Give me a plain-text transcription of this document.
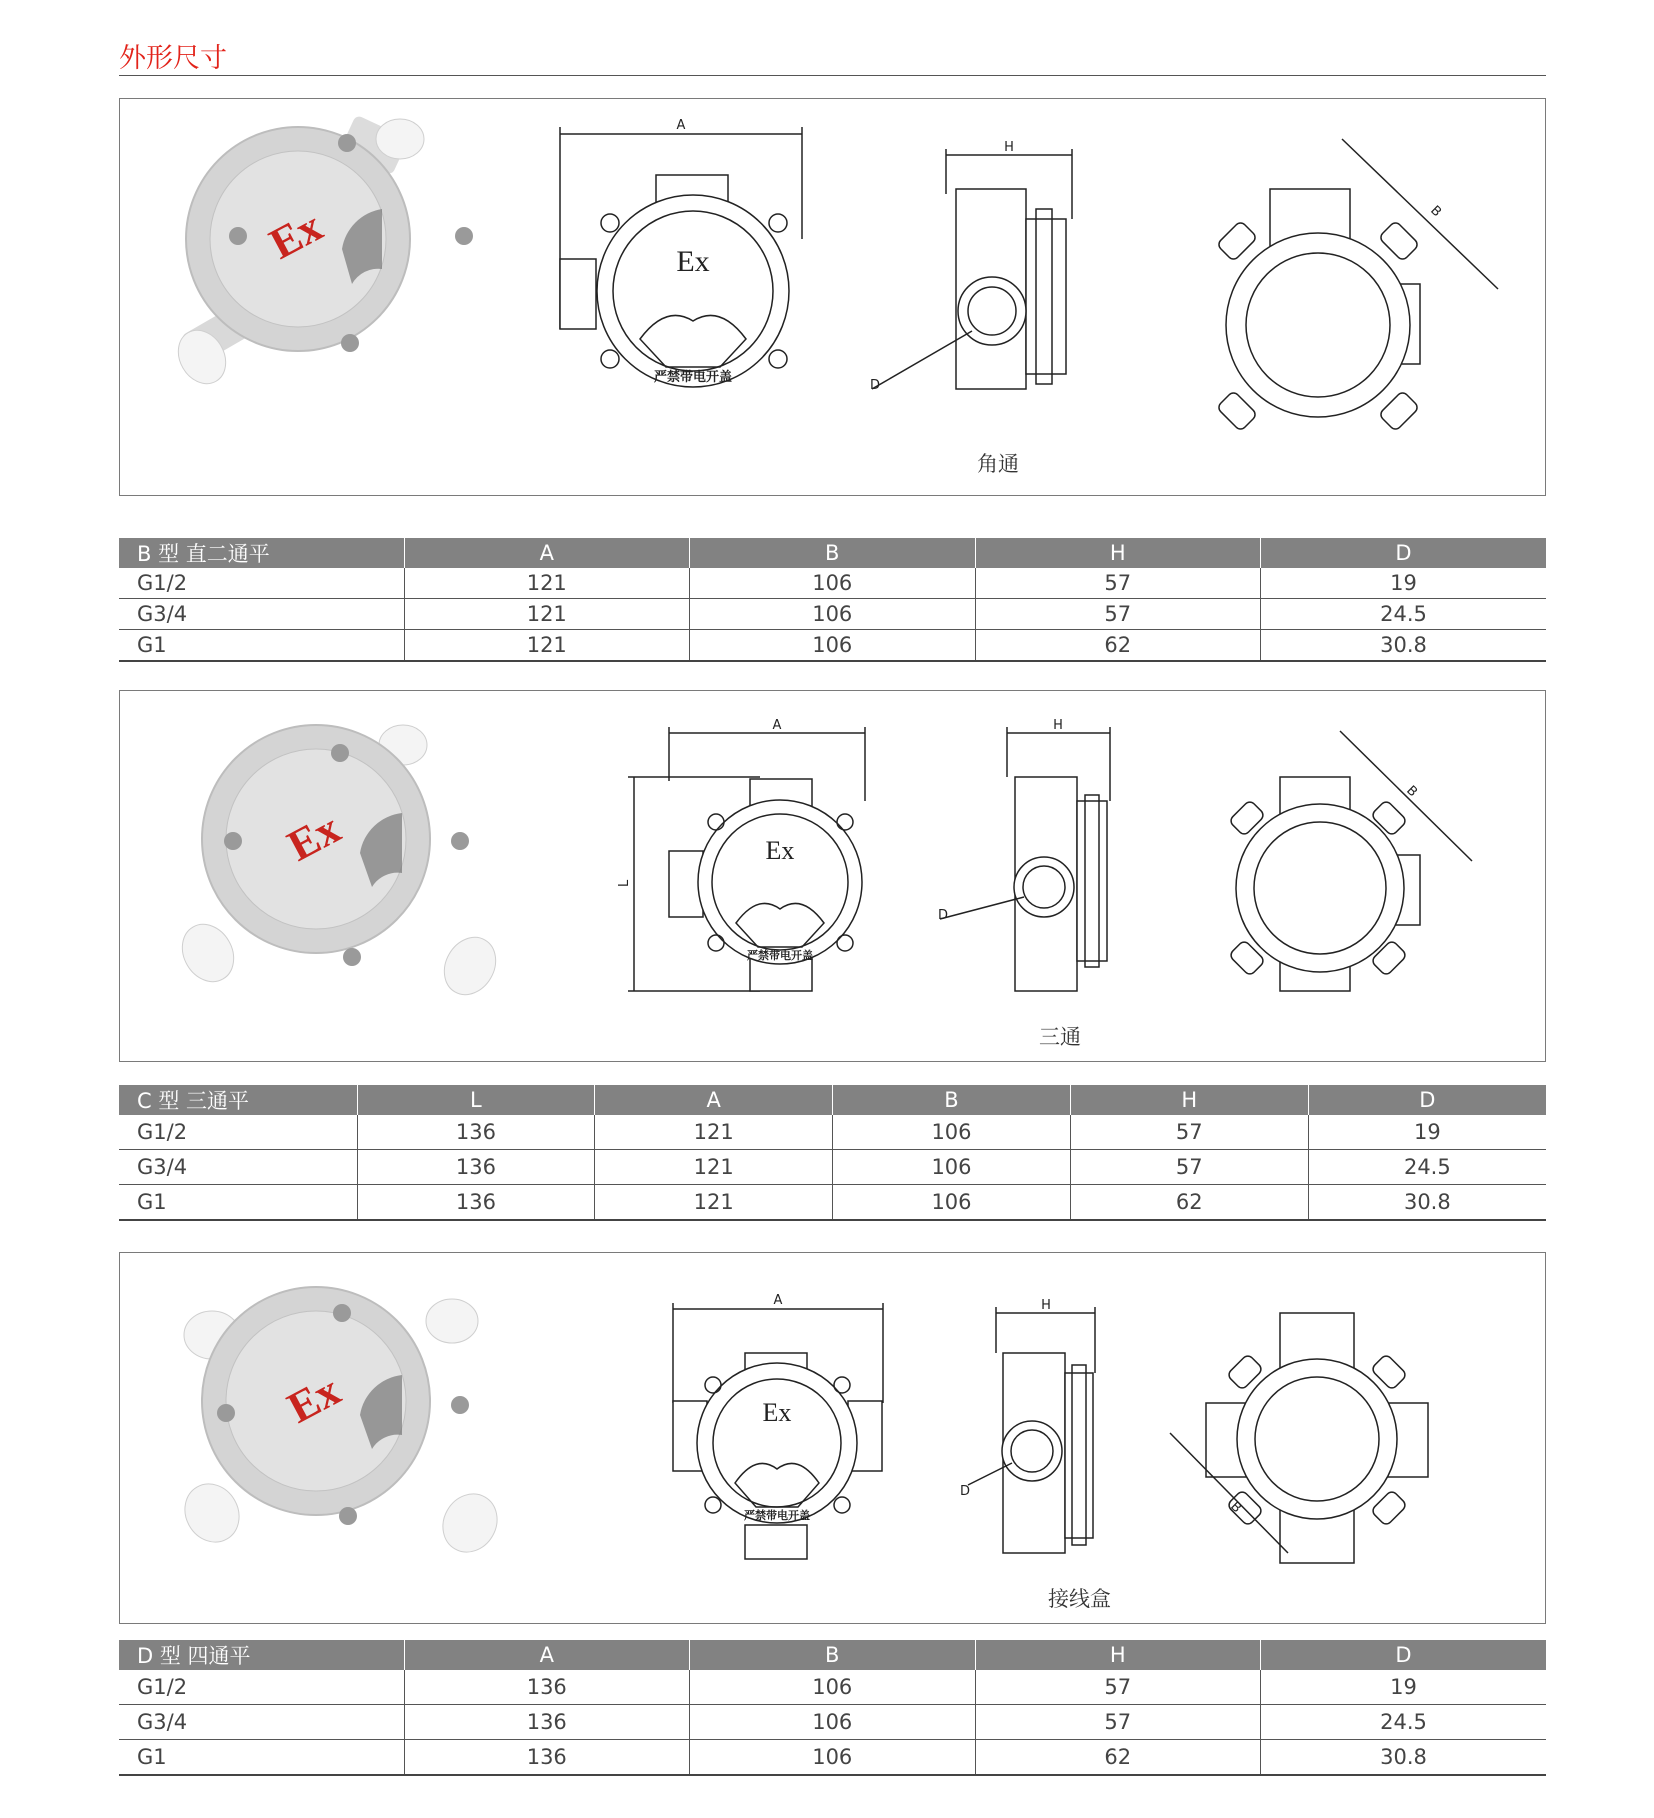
外形尺寸
Ex	Ex
严禁带电开盖
A
H
D
B
角通
B 型 直二通平	A	B	H	D
G1/2	121	106	57	19
G3/4	121	106	57	24.5
G1	121	106	62	30.8
Ex	Ex
严禁带电开盖
A
L
H
D
B
三通
C 型 三通平	L	A	B	H	D
G1/2	136	121	106	57	19
G3/4	136	121	106	57	24.5
G1	136	121	106	62	30.8
Ex	Ex
严禁带电开盖
A	H
D
B
接线盒
D 型 四通平	A	B	H	D
G1/2	136	106	57	19
G3/4	136	106	57	24.5
G1	136	106	62	30.8
